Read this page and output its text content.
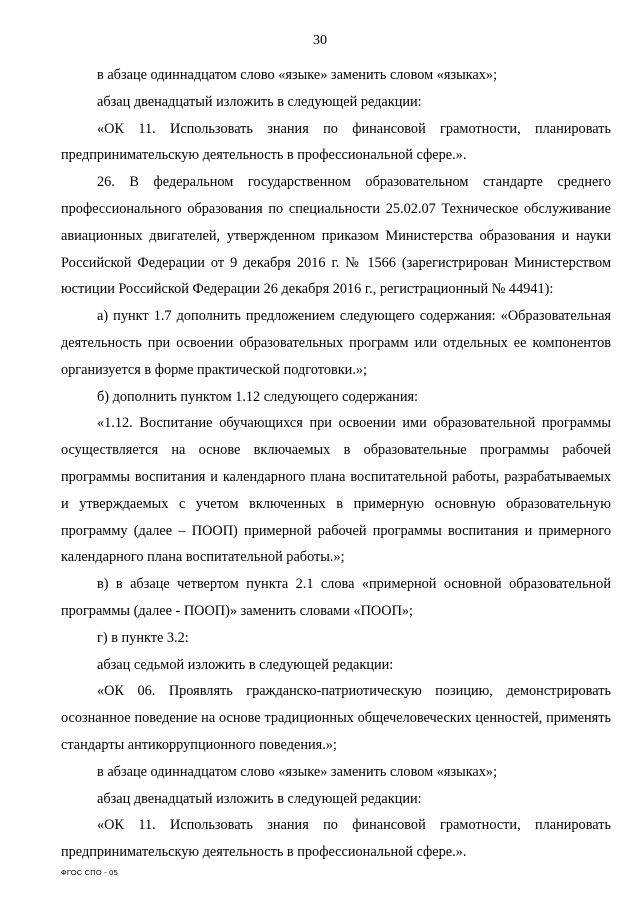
30

в абзаце одиннадцатом слово «языке» заменить словом «языках»;

абзац двенадцатый изложить в следующей редакции:

«ОК 11. Использовать знания по финансовой грамотности, планировать предпринимательскую деятельность в профессиональной сфере.».

26. В федеральном государственном образовательном стандарте среднего профессионального образования по специальности 25.02.07 Техническое обслуживание авиационных двигателей, утвержденном приказом Министерства образования и науки Российской Федерации от 9 декабря 2016 г. № 1566 (зарегистрирован Министерством юстиции Российской Федерации 26 декабря 2016 г., регистрационный № 44941):

а) пункт 1.7 дополнить предложением следующего содержания: «Образовательная деятельность при освоении образовательных программ или отдельных ее компонентов организуется в форме практической подготовки.»;

б) дополнить пунктом 1.12 следующего содержания:

«1.12. Воспитание обучающихся при освоении ими образовательной программы осуществляется на основе включаемых в образовательные программы рабочей программы воспитания и календарного плана воспитательной работы, разрабатываемых и утверждаемых с учетом включенных в примерную основную образовательную программу (далее – ПООП) примерной рабочей программы воспитания и примерного календарного плана воспитательной работы.»;

в) в абзаце четвертом пункта 2.1 слова «примерной основной образовательной программы (далее - ПООП)» заменить словами «ПООП»;

г) в пункте 3.2:

абзац седьмой изложить в следующей редакции:

«ОК 06. Проявлять гражданско-патриотическую позицию, демонстрировать осознанное поведение на основе традиционных общечеловеческих ценностей, применять стандарты антикоррупционного поведения.»;

в абзаце одиннадцатом слово «языке» заменить словом «языках»;

абзац двенадцатый изложить в следующей редакции:

«ОК 11. Использовать знания по финансовой грамотности, планировать предпринимательскую деятельность в профессиональной сфере.».

ФГОС СПО - 05
